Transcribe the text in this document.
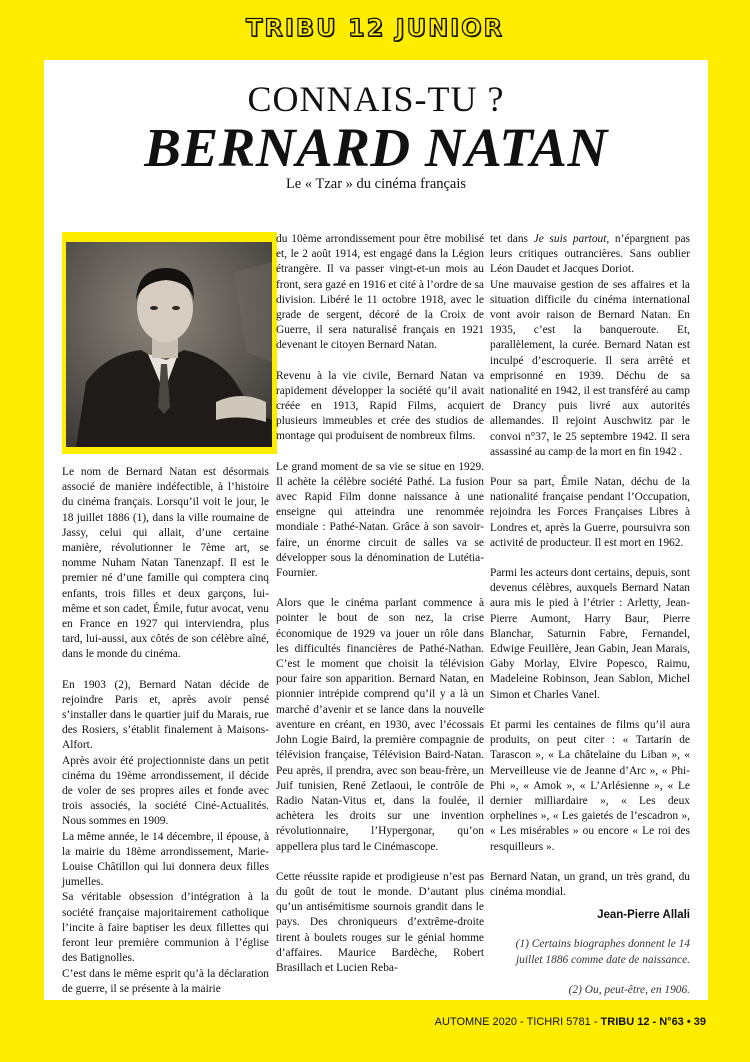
TRIBU 12 JUNIOR
CONNAIS-TU ?
BERNARD NATAN
Le « Tzar » du cinéma français

Le nom de Bernard Natan est désormais associé de manière indéfectible, à l’histoire du cinéma français. Lorsqu’il voit le jour, le 18 juillet 1886 (1), dans la ville roumaine de Jassy, celui qui allait, d’une certaine manière, révolutionner le 7ème art, se nomme Nuham Natan Tanenzapf. Il est le premier né d’une famille qui comptera cinq enfants, trois filles et deux garçons, lui-même et son cadet, Émile, futur avocat, venu en France en 1927 qui interviendra, plus tard, lui-aussi, aux côtés de son célèbre aîné, dans le monde du cinéma.

En 1903 (2), Bernard Natan décide de rejoindre Paris et, après avoir pensé s’installer dans le quartier juif du Marais, rue des Rosiers, s’établit finalement à Maisons-Alfort.

Après avoir été projectionniste dans un petit cinéma du 19ème arrondissement, il décide de voler de ses propres ailes et fonde avec trois associés, la société Ciné-Actualités. Nous sommes en 1909.

La même année, le 14 décembre, il épouse, à la mairie du 18ème arrondissement, Marie-Louise Châtillon qui lui donnera deux filles jumelles.

Sa véritable obsession d’intégration à la société française majoritairement catholique l’incite à faire baptiser les deux fillettes qui feront leur première communion à l’église des Batignolles.

C’est dans le même esprit qu’à la déclaration de guerre, il se présente à la mairie

du 10ème arrondissement pour être mobilisé et, le 2 août 1914, est engagé dans la Légion étrangère. Il va passer vingt-et-un mois au front, sera gazé en 1916 et cité à l’ordre de sa division. Libéré le 11 octobre 1918, avec le grade de sergent, décoré de la Croix de Guerre, il sera naturalisé français en 1921 devenant le citoyen Bernard Natan.

Revenu à la vie civile, Bernard Natan va rapidement développer la société qu’il avait créée en 1913, Rapid Films, acquiert plusieurs immeubles et crée des studios de montage qui produisent de nombreux films.

Le grand moment de sa vie se situe en 1929. Il achète la célèbre société Pathé. La fusion avec Rapid Film donne naissance à une enseigne qui atteindra une renommée mondiale : Pathé-Natan. Grâce à son savoir-faire, un énorme circuit de salles va se développer sous la dénomination de Lutétia-Fournier.

Alors que le cinéma parlant commence à pointer le bout de son nez, la crise économique de 1929 va jouer un rôle dans les difficultés financières de Pathé-Nathan. C’est le moment que choisit la télévision pour faire son apparition. Bernard Natan, en pionnier intrépide comprend qu’il y a là un marché d’avenir et se lance dans la nouvelle aventure en créant, en 1930, avec l’écossais John Logie Baird, la première compagnie de télévision française, Télévision Baird-Natan. Peu après, il prendra, avec son beau-frère, un Juif tunisien, René Zetlaoui, le contrôle de Radio Natan-Vitus et, dans la foulée, il achètera les droits sur une invention révolutionnaire, l’Hypergonar, qu’on appellera plus tard le Cinémascope.

Cette réussite rapide et prodigieuse n’est pas du goût de tout le monde. D’autant plus qu’un antisémitisme sournois grandit dans le pays. Des chroniqueurs d’extrême-droite tirent à boulets rouges sur le génial homme d’affaires. Maurice Bardèche, Robert Brasillach et Lucien Reba-

tet dans Je suis partout, n’épargnent pas leurs critiques outrancières. Sans oublier Léon Daudet et Jacques Doriot.

Une mauvaise gestion de ses affaires et la situation difficile du cinéma international vont avoir raison de Bernard Natan. En 1935, c’est la banqueroute. Et, parallèlement, la curée. Bernard Natan est inculpé d’escroquerie. Il sera arrêté et emprisonné en 1939. Déchu de sa nationalité en 1942, il est transféré au camp de Drancy puis livré aux autorités allemandes. Il rejoint Auschwitz par le convoi n°37, le 25 septembre 1942. Il sera assassiné au camp de la mort en fin 1942 .

Pour sa part, Émile Natan, déchu de la nationalité française pendant l’Occupation, rejoindra les Forces Françaises Libres à Londres et, après la Guerre, poursuivra son activité de producteur. Il est mort en 1962.

Parmi les acteurs dont certains, depuis, sont devenus célèbres, auxquels Bernard Natan aura mis le pied à l’étrier : Arletty, Jean-Pierre Aumont, Harry Baur, Pierre Blanchar, Saturnin Fabre, Fernandel, Edwige Feuillère, Jean Gabin, Jean Marais, Gaby Morlay, Elvire Popesco, Raimu, Madeleine Robinson, Jean Sablon, Michel Simon et Charles Vanel.

Et parmi les centaines de films qu’il aura produits, on peut citer : « Tartarin de Tarascon », « La châtelaine du Liban », « Merveilleuse vie de Jeanne d’Arc », « Phi-Phi », « Amok », « L’Arlésienne », « Le dernier milliardaire », « Les deux orphelines », « Les gaietés de l’escadron », « Les misérables » ou encore « Le roi des resquilleurs ».

Bernard Natan, un grand, un très grand, du cinéma mondial.

Jean-Pierre Allali

(1) Certains biographes donnent le 14 juillet 1886 comme date de naissance.

(2) Ou, peut-être, en 1906.

AUTOMNE 2020 - TICHRI 5781 - TRIBU 12 - N°63 • 39
